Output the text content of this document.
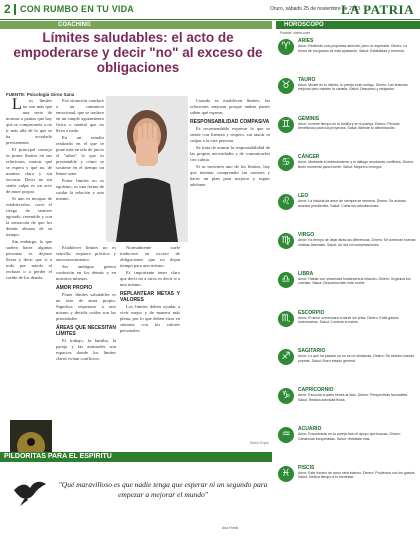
2 CON RUMBO EN TU VIDA	Oruro, sábado 25 de noviembre de 2023
LA PATRIA
COACHING
Límites saludables: el acto de empoderarse y decir "no" al exceso de obligaciones
FUENTE: Psicología Giros Sana

Los límites no son más que una serie de normas o pautas que hay que se compromete a no ir más allá de lo que se ha acordado previamente.

El principal consejo es poner límites en sus relaciones, marcar qué se espera y qué no, de manera clara y sin excusas. Decir no sin sentir culpa es un acto de amor propio.

Si uno es incapaz de establecerlos, corre el riesgo de sentirse agotado, resentido y con la sensación de que los demás abusan de su tiempo.

Sin embargo, lo que suelen hacer algunas personas es dejarse llevar y decir que sí a todo por miedo al rechazo o a perder el cariño de los demás.

Esa situación conduce a un cansancio emocional, que se traduce en un simple agotamiento físico o mental que no lleva a nada.

En un estudio realizado en el que se pone más en tela de juicio el "saber" lo que es presentable y cómo se sostiene en el tiempo un límite sano.

Poner límites no es egoísmo, es una forma de cuidar la relación y uno mismo.

Establecer límites no es sencillo; requiere práctica y autoconocimiento.

Ser ambiguo genera confusión en los demás y en nosotros mismos.

AMOR PROPIO

Poner límites saludables es un acto de amor propio. Significa respetarse a uno mismo y decidir cuáles son las prioridades.

ÁREAS QUE NECESITAN LÍMITES

El trabajo, la familia, la pareja y las amistades son espacios donde los límites claros evitan conflictos.

Normalmente suele traducirse en exceso de obligaciones que no dejan tiempo para uno mismo.

Es importante tener claro que decir no a otros es decir sí a uno mismo.

REPLANTEAR METAS Y VALORES

Los límites deben ayudar a vivir mejor y de manera más plena, por lo que deben estar en sintonía con los valores personales.

Cuando se establecen límites, las relaciones mejoran porque ambas partes saben qué esperar.

RESPONSABILIDAD COMPASIVA

Es recomendable expresar lo que se siente con firmeza y respeto, sin atacar ni culpar a la otra persona.

Se trata de asumir la responsabilidad de las propias necesidades y de comunicarlas con calma.

Si se invierten uno de los límites, hay que intentar comprender las razones y hacer un plan para mejorar y seguir adelante.

María Rojas
PILDORITAS PARA EL ESPÍRITU
"Qué maravilloso es que nadie tenga que esperar ni un segundo para empezar a mejorar el mundo"
Ana Frank
HORÓSCOPO
Fuente: clarín.com
♈	ARIES
Amor: Recibirás una propuesta atrevida, pero no esperada. Dinero: La forma de tus gastos se está ajustando. Salud: Estabilidad y armonía.
♉	TAURO
Amor: Mírate en tu interior, tu pareja está contigo. Dinero: Las finanzas mejoran pero mantén la cautela. Salud: Descanso y relajación.
♊	GÉMINIS
Amor: Invierte tiempo en la familia y en tu pareja. Dinero: Período beneficioso para tus proyectos. Salud: Atiende tu alimentación.
♋	CÁNCER
Amor: Mediante el entendimiento y el diálogo resolverás conflictos. Dinero: Buen momento para invertir. Salud: Mejora tu energía.
♌	LEO
Amor: La historia de amor de siempre se renueva. Dinero: Se aclaran asuntos pendientes. Salud: Cuida tus articulaciones.
♍	VIRGO
Amor: Es tiempo de dejar atrás las diferencias. Dinero: Se avecinan buenas noticias laborales. Salud: Un día sin complicaciones.
♎	LIBRA
Amor: Hablar con sinceridad fortalecerá la relación. Dinero: Organiza tus cuentas. Salud: Descansa bien esta noche.
♏	ESCORPIO
Amor: El amor comenzará a darse sin prisa. Dinero: Evita gastos innecesarios. Salud: Controla el estrés.
♐	SAGITARIO
Amor: Lo que ha pasado ya no es un obstáculo. Dinero: Se abrirán nuevas puertas. Salud: Buen estado general.
♑	CAPRICORNIO
Amor: Escucha a quien tienes al lado. Dinero: Perspectivas favorables. Salud: Realiza actividad física.
♒	ACUARIO
Amor: Encontrarás en tu pareja todo el apoyo que buscas. Dinero: Ganancias inesperadas. Salud: Hidrátate más.
♓	PISCIS
Amor: Este horario de amor será intenso. Dinero: Prudencia con los gastos. Salud: Dedica tiempo a tu bienestar.
